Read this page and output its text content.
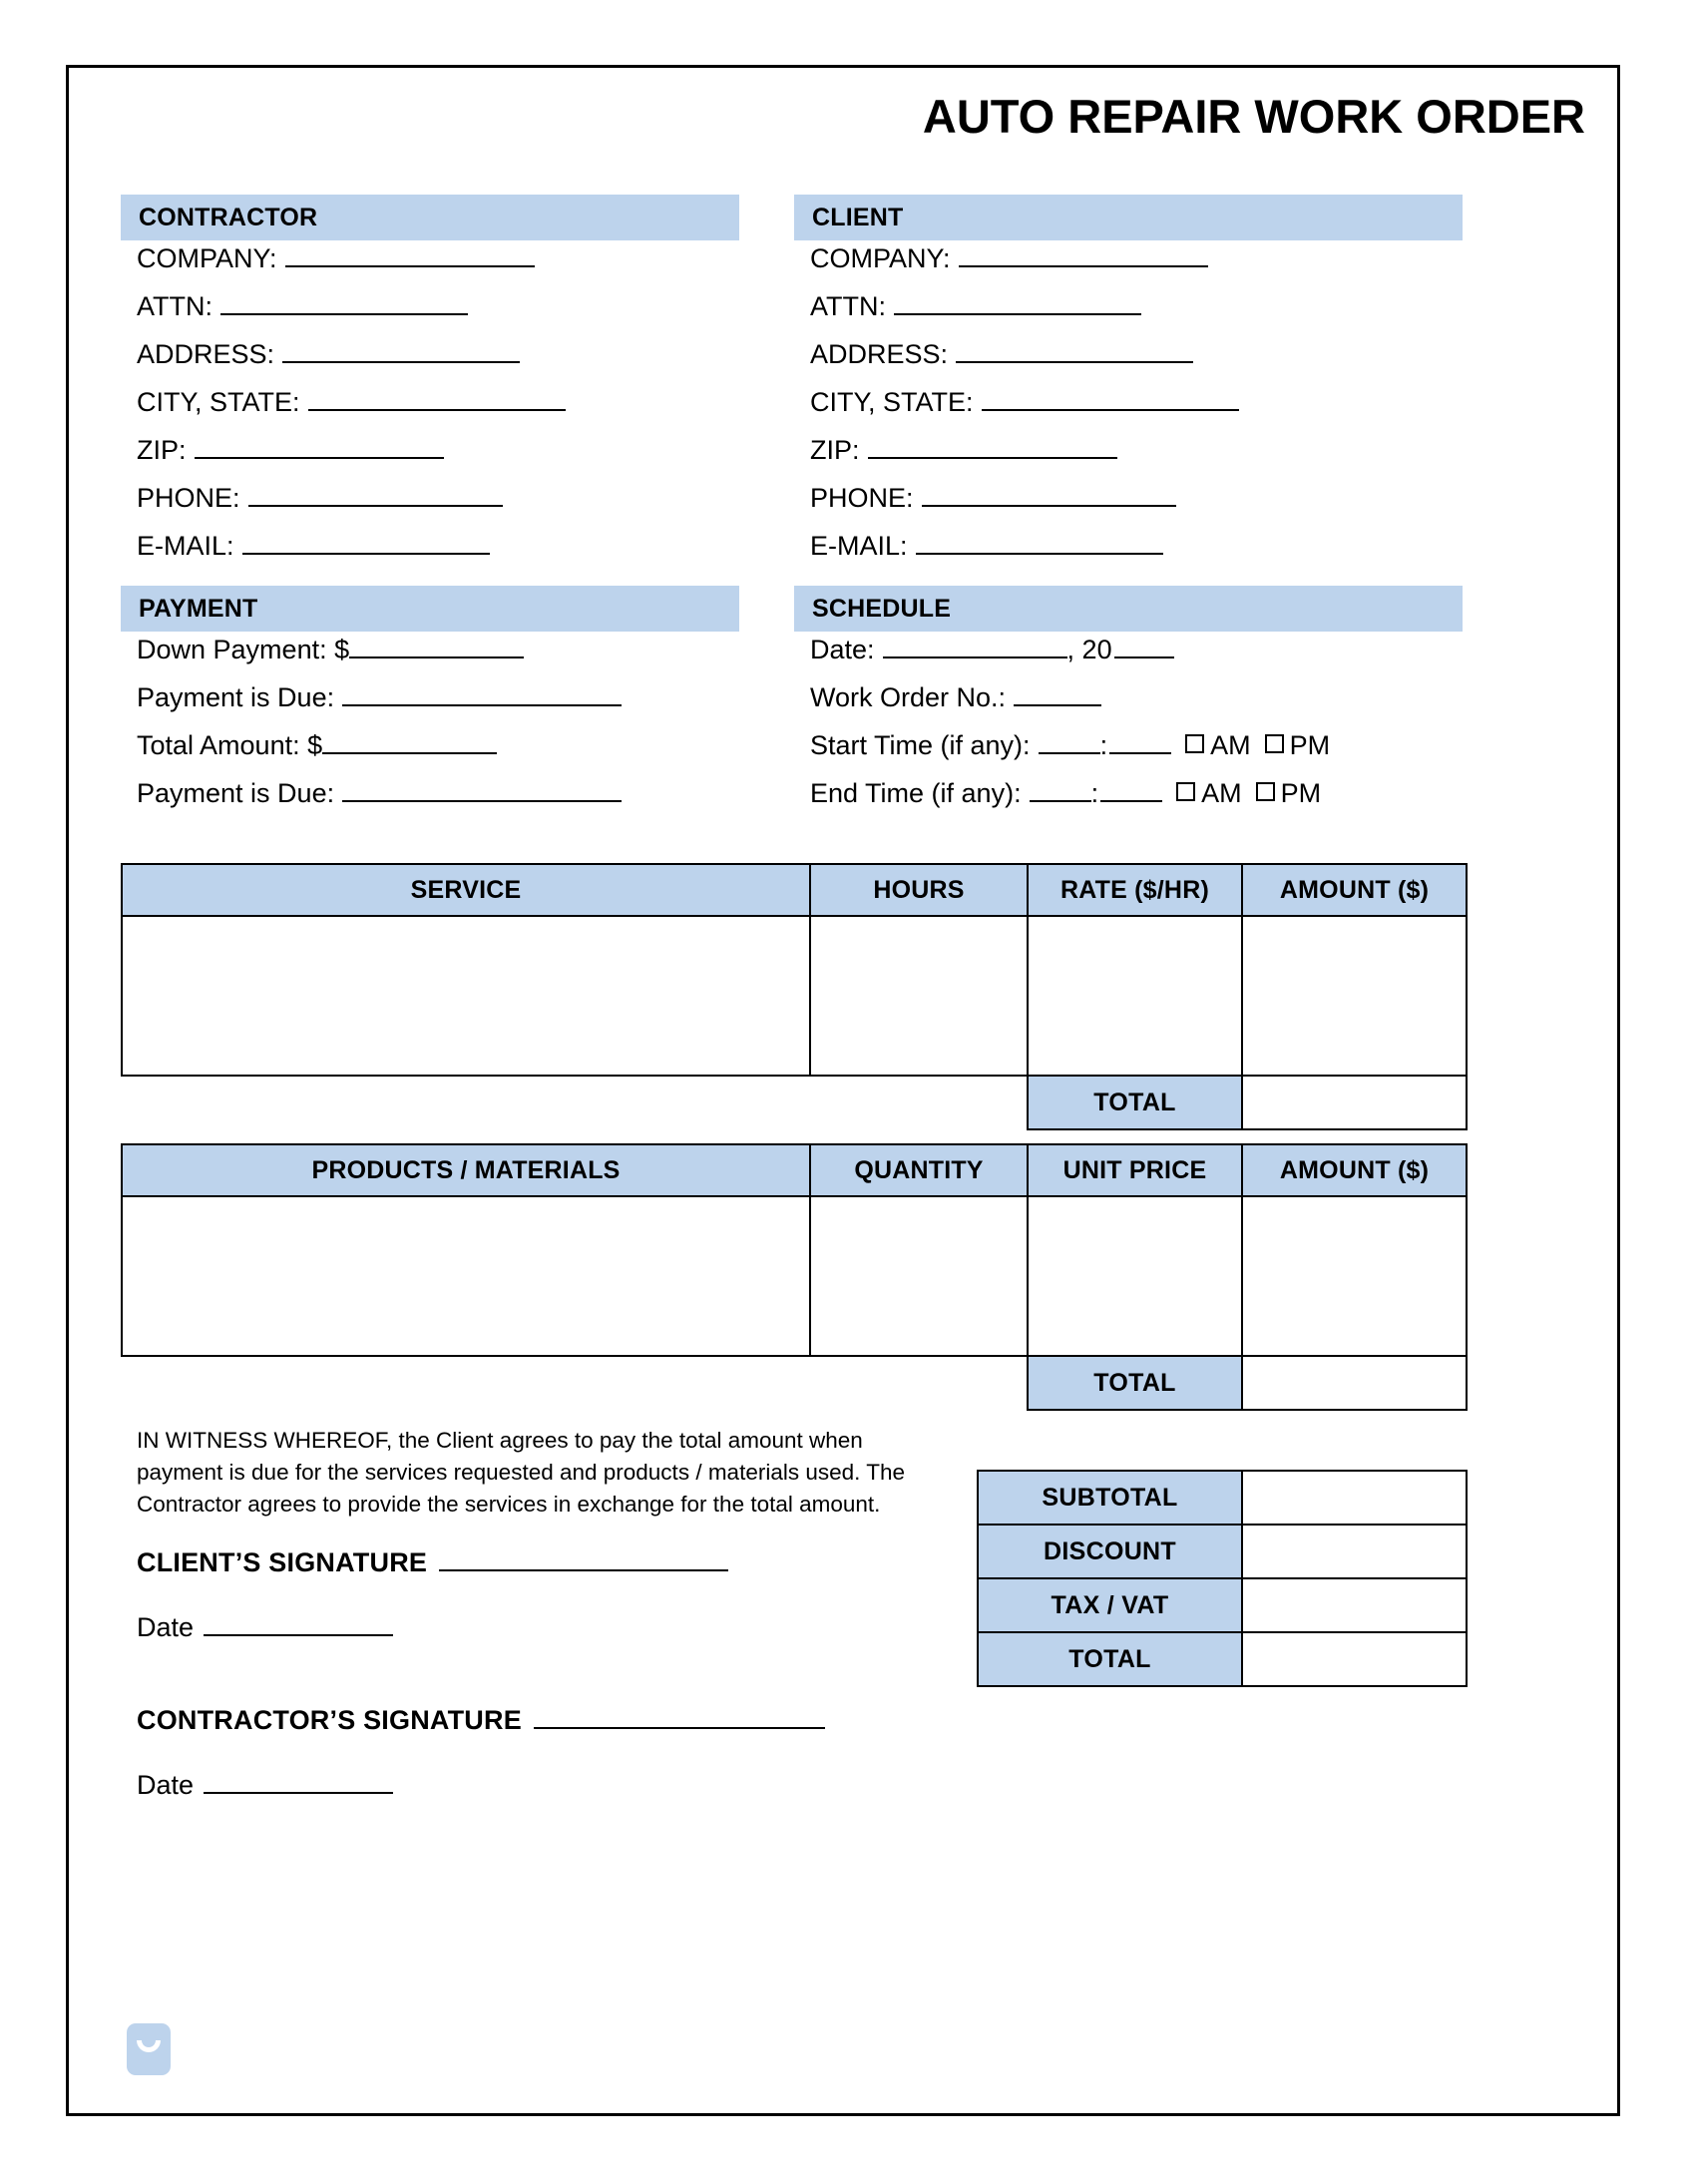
AUTO REPAIR WORK ORDER
CONTRACTOR
COMPANY:
ATTN:
ADDRESS:
CITY, STATE:
ZIP:
PHONE:
E-MAIL:
CLIENT
COMPANY:
ATTN:
ADDRESS:
CITY, STATE:
ZIP:
PHONE:
E-MAIL:
PAYMENT
Down Payment: $
Payment is Due:
Total Amount: $
Payment is Due:
SCHEDULE
Date:	, 20
Work Order No.:
Start Time (if any):	:	AM PM
End Time (if any):	:	AM PM
SERVICE	HOURS	RATE ($/HR)	AMOUNT ($)

		TOTAL	
PRODUCTS / MATERIALS	QUANTITY	UNIT PRICE	AMOUNT ($)

		TOTAL	
IN WITNESS WHEREOF, the Client agrees to pay the total amount when payment is due for the services requested and products / materials used. The Contractor agrees to provide the services in exchange for the total amount.	SUBTOTAL	
DISCOUNT	
TAX / VAT	
TOTAL	
CLIENT’S SIGNATURE
Date
CONTRACTOR’S SIGNATURE
Date
